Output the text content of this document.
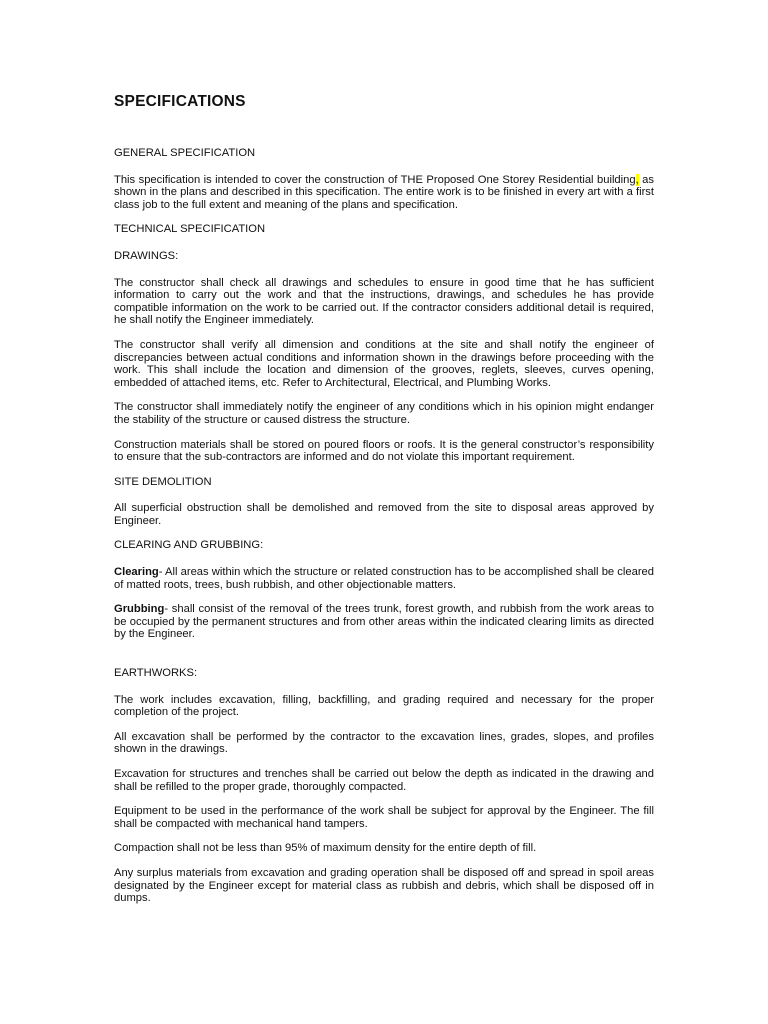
SPECIFICATIONS

GENERAL SPECIFICATION

This specification is intended to cover the construction of THE Proposed One Storey Residential building, as shown in the plans and described in this specification. The entire work is to be finished in every art with a first class job to the full extent and meaning of the plans and specification.

TECHNICAL SPECIFICATION

DRAWINGS:

The constructor shall check all drawings and schedules to ensure in good time that he has sufficient information to carry out the work and that the instructions, drawings, and schedules he has provide compatible information on the work to be carried out. If the contractor considers additional detail is required, he shall notify the Engineer immediately.

The constructor shall verify all dimension and conditions at the site and shall notify the engineer of discrepancies between actual conditions and information shown in the drawings before proceeding with the work. This shall include the location and dimension of the grooves, reglets, sleeves, curves opening, embedded of attached items, etc. Refer to Architectural, Electrical, and Plumbing Works.

The constructor shall immediately notify the engineer of any conditions which in his opinion might endanger the stability of the structure or caused distress the structure.

Construction materials shall be stored on poured floors or roofs. It is the general constructor’s responsibility to ensure that the sub-contractors are informed and do not violate this important requirement.

SITE DEMOLITION

All superficial obstruction shall be demolished and removed from the site to disposal areas approved by Engineer.

CLEARING AND GRUBBING:

Clearing- All areas within which the structure or related construction has to be accomplished shall be cleared of matted roots, trees, bush rubbish, and other objectionable matters.

Grubbing- shall consist of the removal of the trees trunk, forest growth, and rubbish from the work areas to be occupied by the permanent structures and from other areas within the indicated clearing limits as directed by the Engineer.

EARTHWORKS:

The work includes excavation, filling, backfilling, and grading required and necessary for the proper completion of the project.

All excavation shall be performed by the contractor to the excavation lines, grades, slopes, and profiles shown in the drawings.

Excavation for structures and trenches shall be carried out below the depth as indicated in the drawing and shall be refilled to the proper grade, thoroughly compacted.

Equipment to be used in the performance of the work shall be subject for approval by the Engineer. The fill shall be compacted with mechanical hand tampers.

Compaction shall not be less than 95% of maximum density for the entire depth of fill.

Any surplus materials from excavation and grading operation shall be disposed off and spread in spoil areas designated by the Engineer except for material class as rubbish and debris, which shall be disposed off in dumps.
